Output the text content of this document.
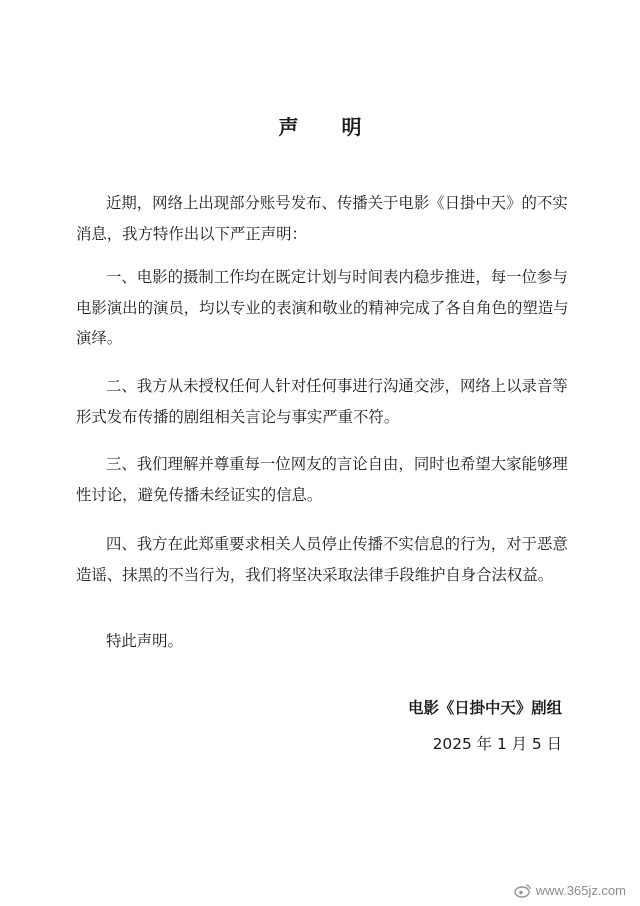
声 明

近期，网络上出现部分账号发布、传播关于电影《日掛中天》的不实消息，我方特作出以下严正声明：

一、电影的摄制工作均在既定计划与时间表内稳步推进，每一位参与电影演出的演员，均以专业的表演和敬业的精神完成了各自角色的塑造与演绎。

二、我方从未授权任何人针对任何事进行沟通交涉，网络上以录音等形式发布传播的剧组相关言论与事实严重不符。

三、我们理解并尊重每一位网友的言论自由，同时也希望大家能够理性讨论，避免传播未经证实的信息。

四、我方在此郑重要求相关人员停止传播不实信息的行为，对于恶意造谣、抹黑的不当行为，我们将坚决采取法律手段维护自身合法权益。

特此声明。
电影《日掛中天》剧组
2025 年 1 月 5 日
www.365jz.com
